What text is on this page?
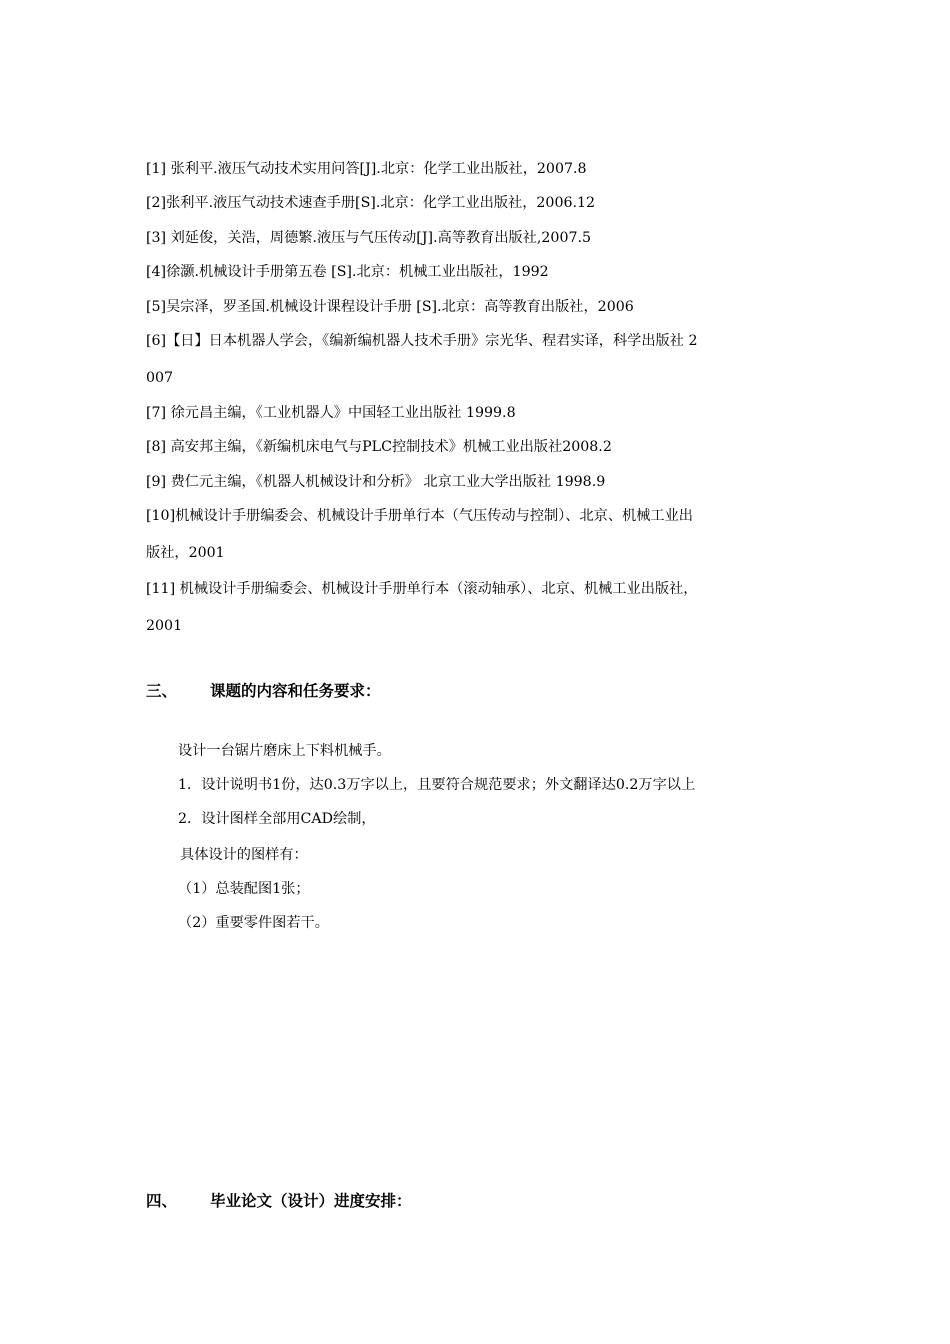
[1] 张利平.液压气动技术实用问答[J].北京：化学工业出版社，2007.8
[2]张利平.液压气动技术速查手册[S].北京：化学工业出版社，2006.12
[3] 刘延俊，关浩，周德繁.液压与气压传动[J].高等教育出版社,2007.5
[4]徐灏.机械设计手册第五卷 [S].北京：机械工业出版社，1992
[5]吴宗泽，罗圣国.机械设计课程设计手册 [S].北京：高等教育出版社，2006
[6]【日】日本机器人学会，《编新编机器人技术手册》宗光华、程君实译，科学出版社 2
007
[7] 徐元昌主编，《工业机器人》中国轻工业出版社 1999.8
[8] 高安邦主编，《新编机床电气与PLC控制技术》机械工业出版社2008.2
[9] 费仁元主编，《机器人机械设计和分析》 北京工业大学出版社 1998.9
[10]机械设计手册编委会、机械设计手册单行本（气压传动与控制）、北京、机械工业出
版社，2001
[11] 机械设计手册编委会、机械设计手册单行本（滚动轴承）、北京、机械工业出版社，
2001
三、 课题的内容和任务要求：
设计一台锯片磨床上下料机械手。
1．设计说明书1份，达0.3万字以上，且要符合规范要求；外文翻译达0.2万字以上
2．设计图样全部用CAD绘制，
具体设计的图样有：
（1）总装配图1张；
（2）重要零件图若干。
四、 毕业论文（设计）进度安排：
